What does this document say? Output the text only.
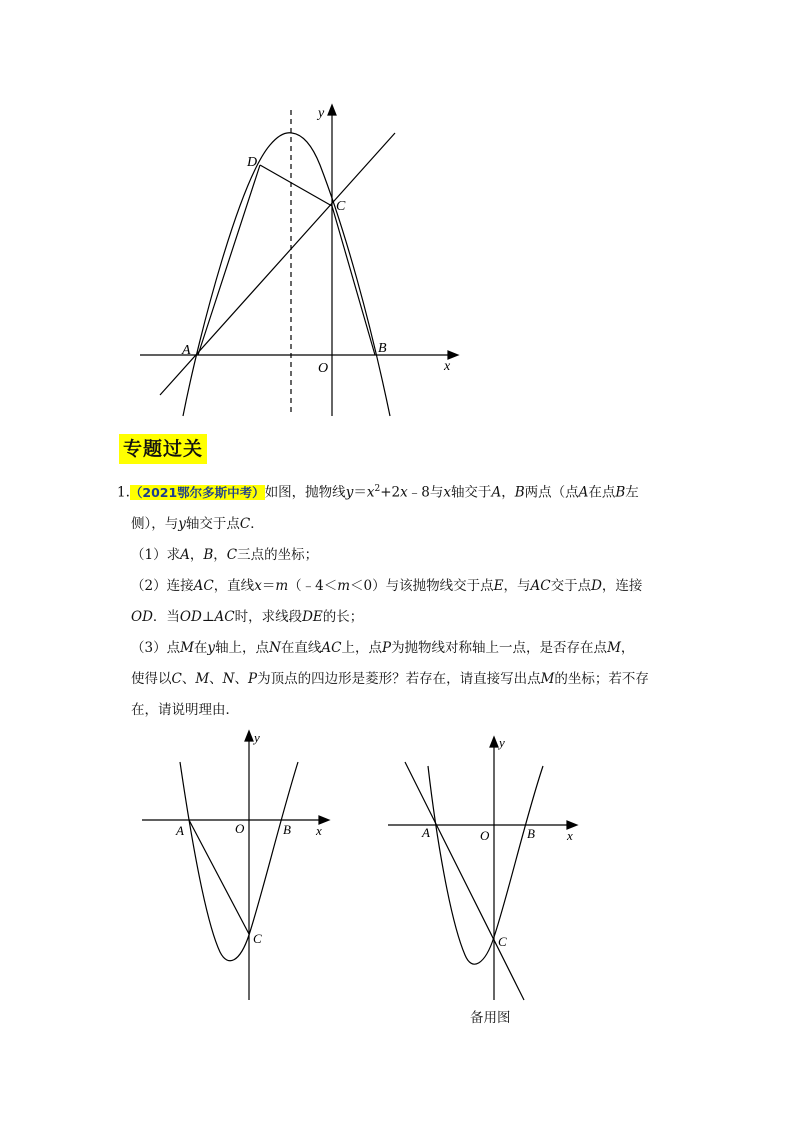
y
x
D
C
A	B
O
专题过关

1.（2021鄂尔多斯中考）如图，抛物线$y=x^2+2x﹣8$与x轴交于A，B两点（点A在点B左

侧），与y轴交于点C．

（1）求A，B，C三点的坐标；

（2）连接AC，直线x＝m（﹣4＜m＜0）与该抛物线交于点E，与AC交于点D，连接

OD．当OD⊥AC时，求线段DE的长；

（3）点M在y轴上，点N在直线AC上，点P为抛物线对称轴上一点，是否存在点M，

使得以C、M、N、P为顶点的四边形是菱形？若存在，请直接写出点M的坐标；若不存

在，请说明理由．

y
A	O	B x
C
y
A	O	B x
C
备用图
